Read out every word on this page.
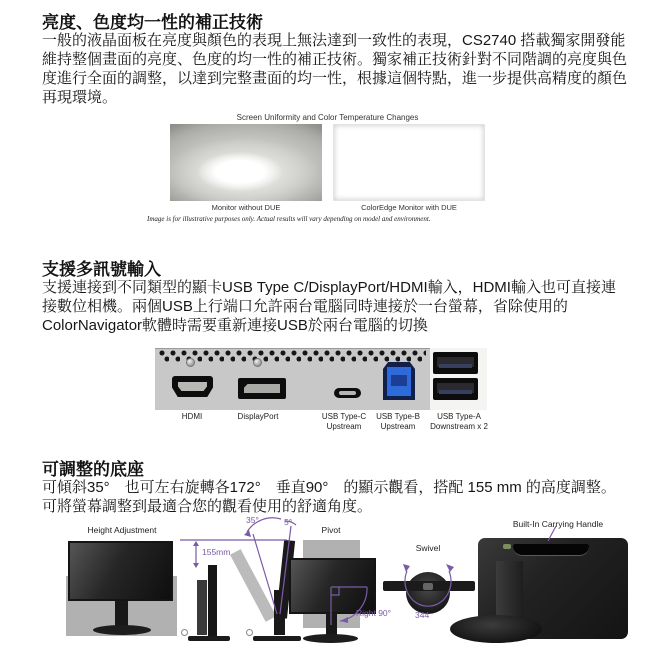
亮度、色度均一性的補正技術

一般的液晶面板在亮度與顏色的表現上無法達到一致性的表現，CS2740 搭載獨家開發能維持整個畫面的亮度、色度的均一性的補正技術。獨家補正技術針對不同階調的亮度與色度進行全面的調整，以達到完整畫面的均一性，根據這個特點，進一步提供高精度的顏色再現環境。

Screen Uniformity and Color Temperature Changes
Monitor without DUE	ColorEdge Monitor with DUE
Image is for illustrative purposes only. Actual results will vary depending on model and environment.
支援多訊號輸入

支援連接到不同類型的顯卡USB Type C/DisplayPort/HDMI輸入，HDMI輸入也可直接連接數位相機。兩個USB上行端口允許兩台電腦同時連接於一台螢幕，省除使用的ColorNavigator軟體時需要重新連接USB於兩台電腦的切換

HDMI	DisplayPort	USB Type-C
Upstream
USB Type-B
Upstream
USB Type-A
Downstream x 2
可調整的底座

可傾斜35°　也可左右旋轉各172°　垂直90°　的顯示觀看，搭配 155 mm 的高度調整。可將螢幕調整到最適合您的觀看使用的舒適角度。

Height Adjustment
155mm
35°	5°
Pivot
Right 90°
Swivel
344
Built-In Carrying Handle
